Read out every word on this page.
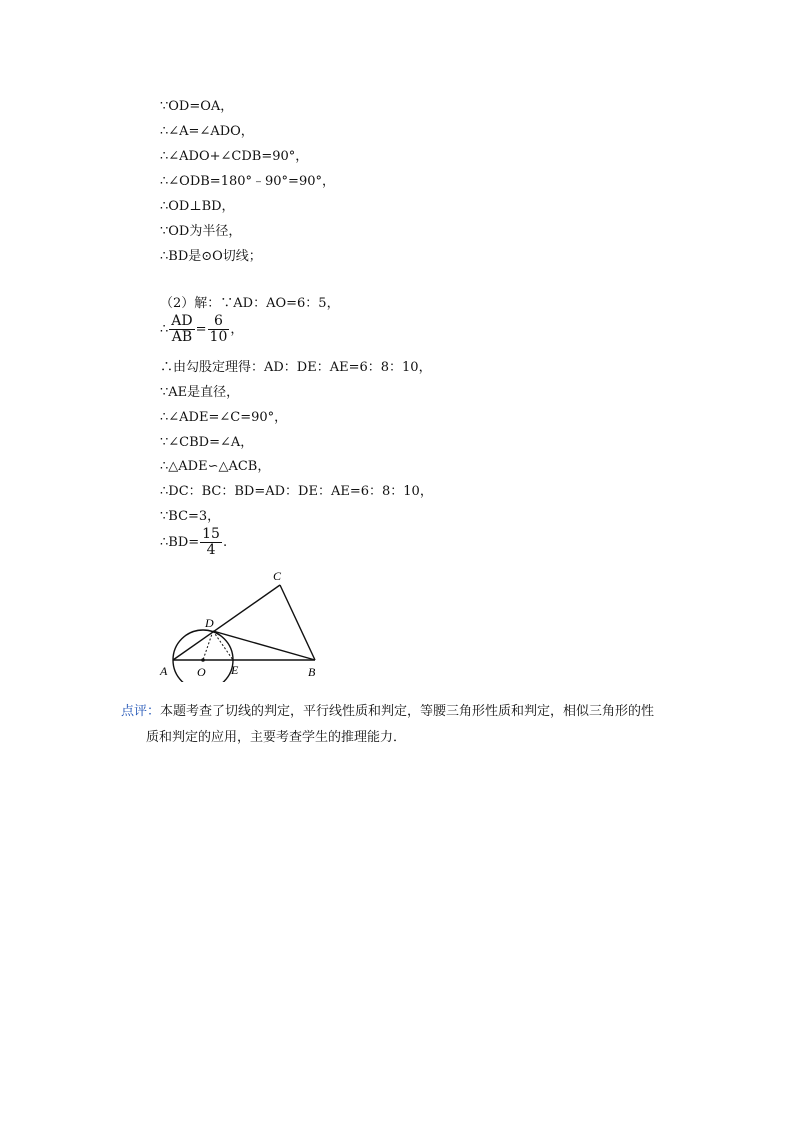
∵OD=OA，
∴∠A=∠ADO，
∴∠ADO+∠CDB=90°，
∴∠ODB=180°﹣90°=90°，
∴OD⊥BD，
∵OD为半径，
∴BD是⊙O切线；
（2）解：∵AD：AO=6：5，
∴ $\frac{AD}{AB} = \frac{6}{10}$ ，
∴由勾股定理得：AD：DE：AE=6：8：10，
∵AE是直径，
∴∠ADE=∠C=90°，
∵∠CBD=∠A，
∴△ADE∽△ACB，
∴DC：BC：BD=AD：DE：AE=6：8：10，
∵BC=3，
∴BD= $\frac{15}{4}$ .
A O E	B
C
D
点评：本题考查了切线的判定，平行线性质和判定，等腰三角形性质和判定，相似三角形的性
质和判定的应用，主要考查学生的推理能力．
